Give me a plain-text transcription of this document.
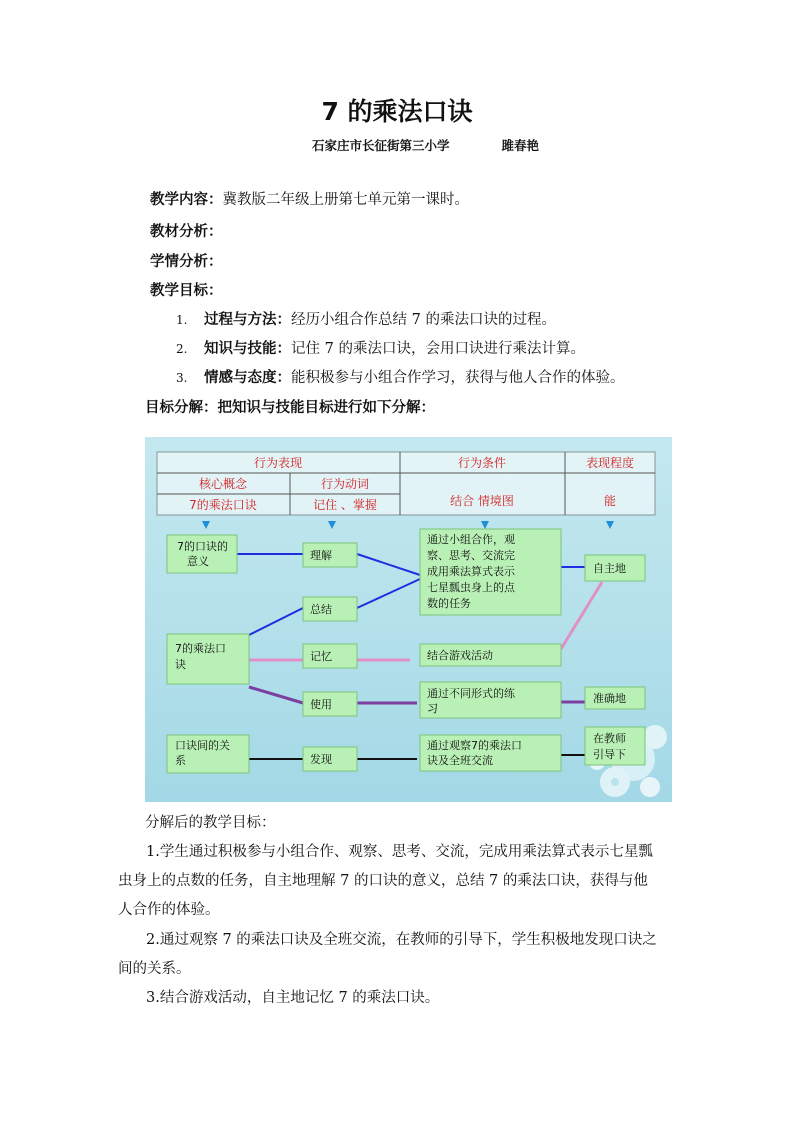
7 的乘法口诀
石家庄市长征街第三小学	雎春艳
教学内容：冀教版二年级上册第七单元第一课时。
教材分析：
学情分析：
教学目标：
1. 过程与方法：经历小组合作总结 7 的乘法口诀的过程。
2. 知识与技能：记住 7 的乘法口诀，会用口诀进行乘法计算。
3. 情感与态度：能积极参与小组合作学习，获得与他人合作的体验。
目标分解：把知识与技能目标进行如下分解：
行为表现	行为条件	表现程度
核心概念	行为动词
7的乘法口诀	记住 、掌握	结合 情境图	能
7的口诀的
意义
7的乘法口
诀
口诀间的关
系
理解
总结
记忆
使用
发现
通过小组合作，观
察、思考、交流完
成用乘法算式表示
七星瓢虫身上的点
数的任务
结合游戏活动
通过不同形式的练
习
通过观察7的乘法口
诀及全班交流
自主地
准确地
在教师
引导下
分解后的教学目标：
1.学生通过积极参与小组合作、观察、思考、交流，完成用乘法算式表示七星瓢
虫身上的点数的任务，自主地理解 7 的口诀的意义，总结 7 的乘法口诀，获得与他
人合作的体验。
2.通过观察 7 的乘法口诀及全班交流，在教师的引导下，学生积极地发现口诀之
间的关系。
3.结合游戏活动，自主地记忆 7 的乘法口诀。
